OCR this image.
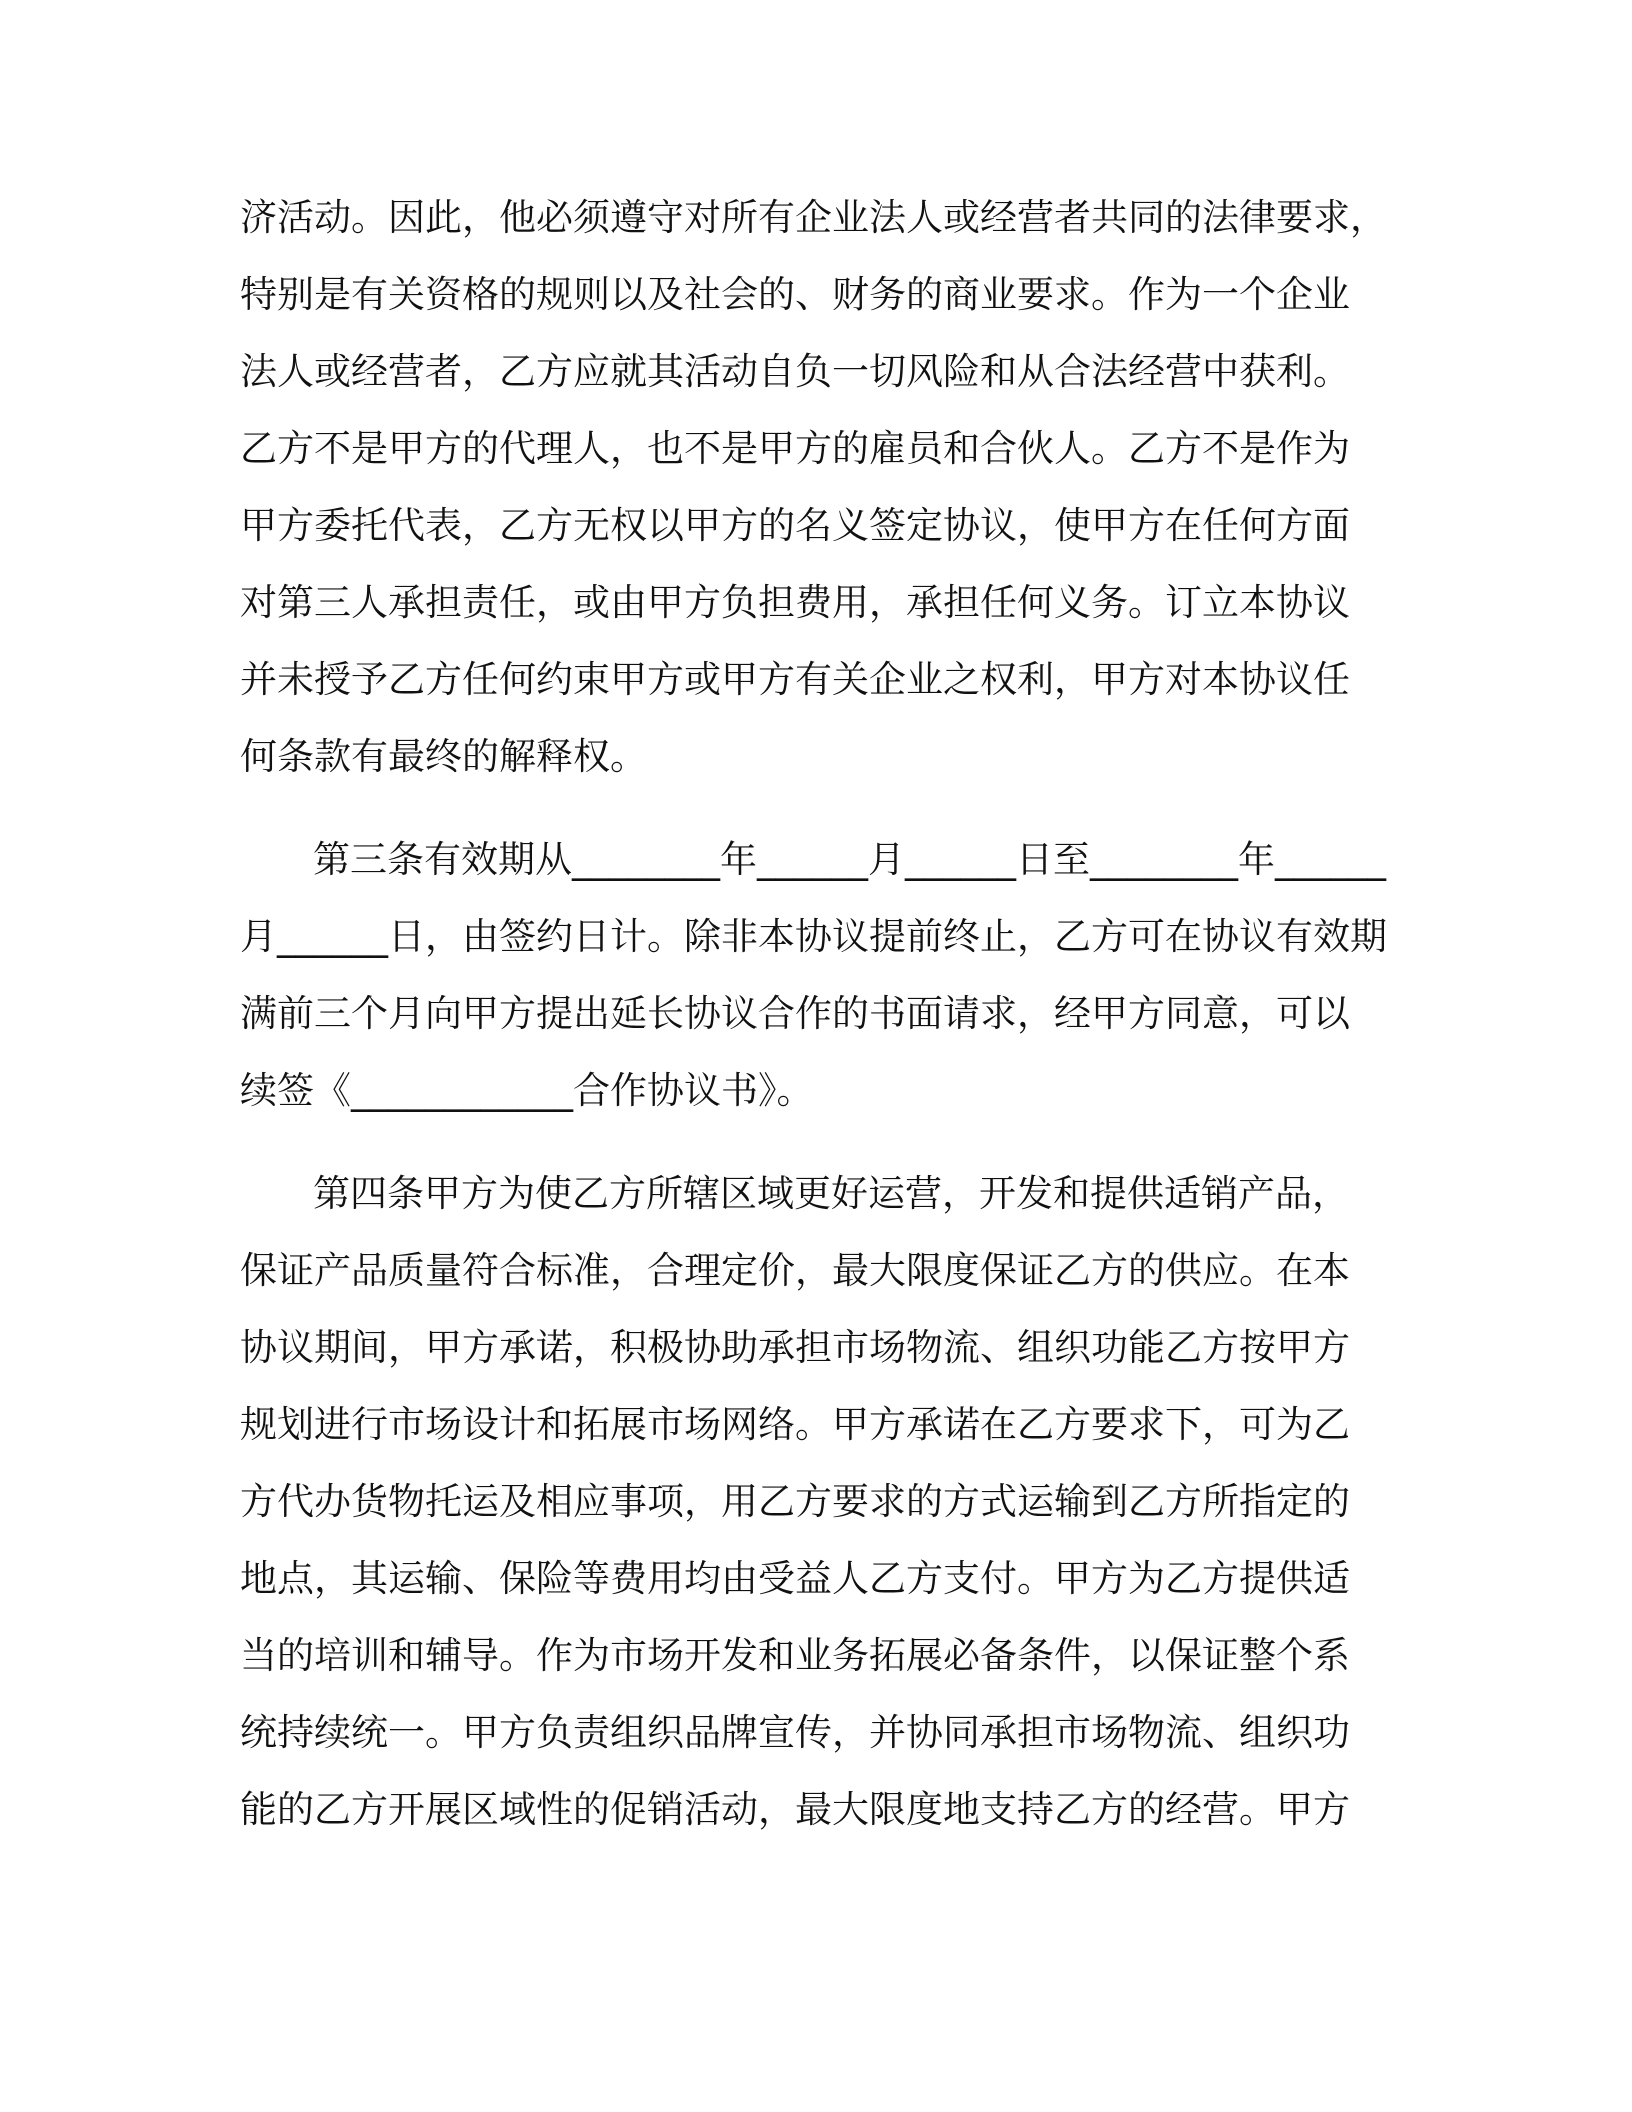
济活动。因此，他必须遵守对所有企业法人或经营者共同的法律要求，
特别是有关资格的规则以及社会的、财务的商业要求。作为一个企业
法人或经营者，乙方应就其活动自负一切风险和从合法经营中获利。
乙方不是甲方的代理人，也不是甲方的雇员和合伙人。乙方不是作为
甲方委托代表，乙方无权以甲方的名义签定协议，使甲方在任何方面
对第三人承担责任，或由甲方负担费用，承担任何义务。订立本协议
并未授予乙方任何约束甲方或甲方有关企业之权利，甲方对本协议任
何条款有最终的解释权。
第三条有效期从________年______月______日至________年______
月______日，由签约日计。除非本协议提前终止，乙方可在协议有效期
满前三个月向甲方提出延长协议合作的书面请求，经甲方同意，可以
续签《____________合作协议书》。
第四条甲方为使乙方所辖区域更好运营，开发和提供适销产品，
保证产品质量符合标准，合理定价，最大限度保证乙方的供应。在本
协议期间，甲方承诺，积极协助承担市场物流、组织功能乙方按甲方
规划进行市场设计和拓展市场网络。甲方承诺在乙方要求下，可为乙
方代办货物托运及相应事项，用乙方要求的方式运输到乙方所指定的
地点，其运输、保险等费用均由受益人乙方支付。甲方为乙方提供适
当的培训和辅导。作为市场开发和业务拓展必备条件，以保证整个系
统持续统一。甲方负责组织品牌宣传，并协同承担市场物流、组织功
能的乙方开展区域性的促销活动，最大限度地支持乙方的经营。甲方
